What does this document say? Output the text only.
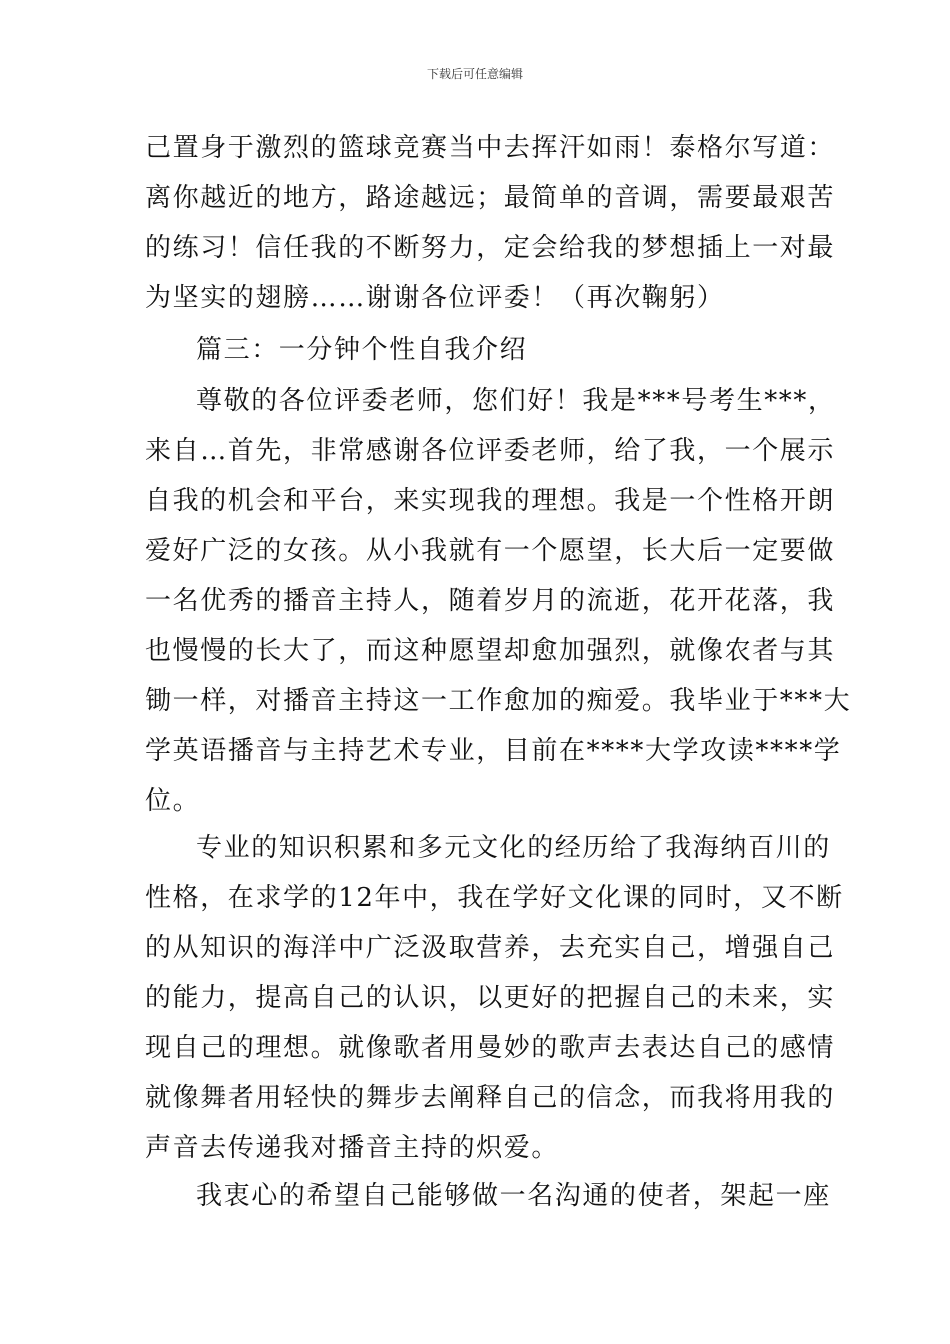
下载后可任意编辑
己置身于激烈的篮球竞赛当中去挥汗如雨！泰格尔写道：
离你越近的地方，路途越远；最简单的音调，需要最艰苦
的练习！信任我的不断努力，定会给我的梦想插上一对最
为坚实的翅膀……谢谢各位评委！（再次鞠躬）
篇三：一分钟个性自我介绍
尊敬的各位评委老师，您们好！我是***号考生***，
来自…首先，非常感谢各位评委老师，给了我，一个展示
自我的机会和平台，来实现我的理想。我是一个性格开朗
爱好广泛的女孩。从小我就有一个愿望，长大后一定要做
一名优秀的播音主持人，随着岁月的流逝，花开花落，我
也慢慢的长大了，而这种愿望却愈加强烈，就像农者与其
锄一样，对播音主持这一工作愈加的痴爱。我毕业于***大
学英语播音与主持艺术专业，目前在****大学攻读****学
位。
专业的知识积累和多元文化的经历给了我海纳百川的
性格，在求学的12年中，我在学好文化课的同时，又不断
的从知识的海洋中广泛汲取营养，去充实自己，增强自己
的能力，提高自己的认识，以更好的把握自己的未来，实
现自己的理想。就像歌者用曼妙的歌声去表达自己的感情
就像舞者用轻快的舞步去阐释自己的信念，而我将用我的
声音去传递我对播音主持的炽爱。
我衷心的希望自己能够做一名沟通的使者，架起一座
